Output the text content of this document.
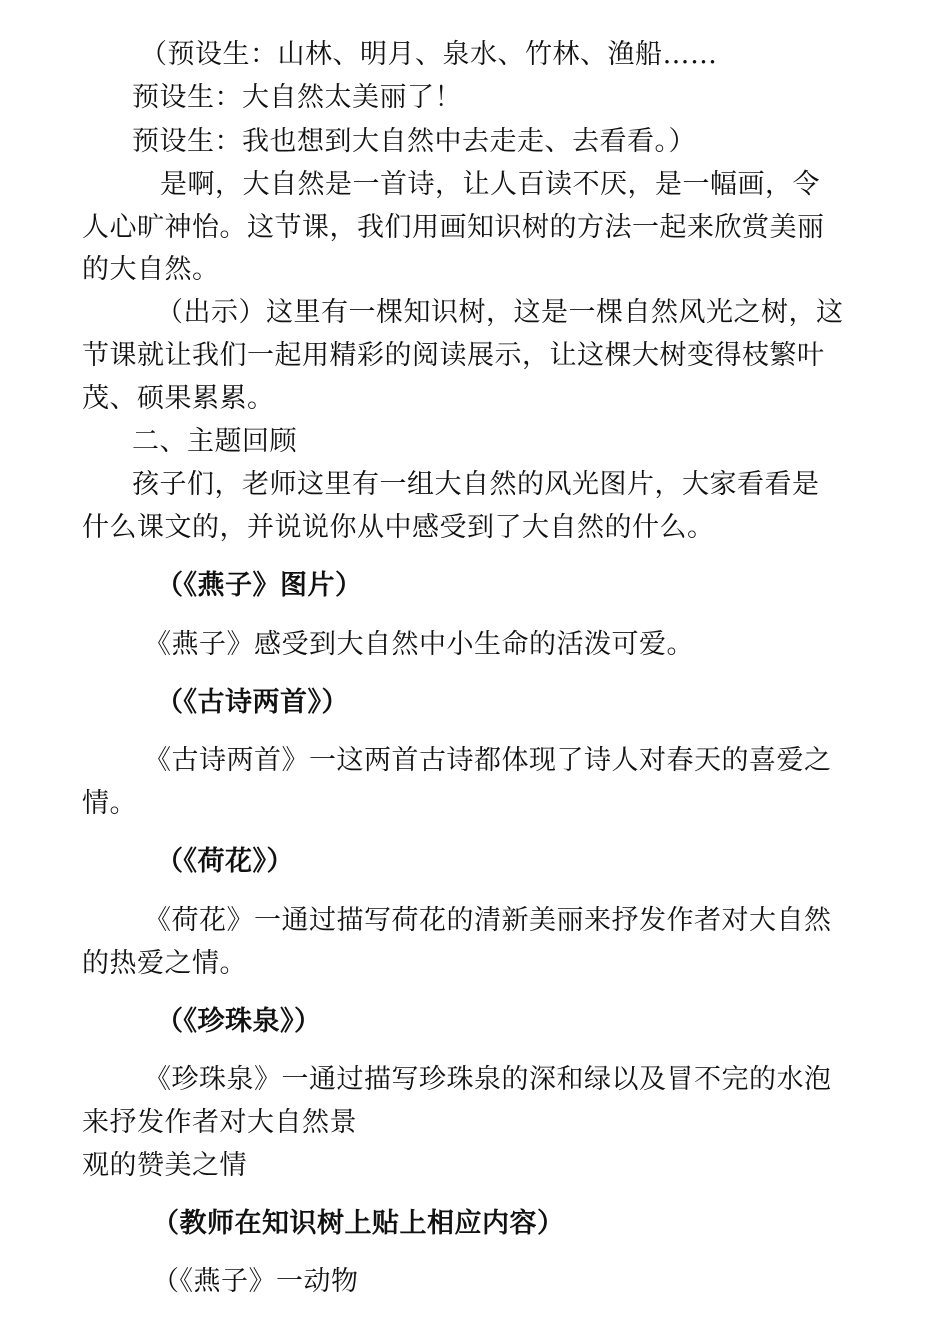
（预设生：山林、明月、泉水、竹林、渔船……
预设生：大自然太美丽了！
预设生：我也想到大自然中去走走、去看看。）
是啊，大自然是一首诗，让人百读不厌，是一幅画，令
人心旷神怡。这节课，我们用画知识树的方法一起来欣赏美丽
的大自然。
（出示）这里有一棵知识树，这是一棵自然风光之树，这
节课就让我们一起用精彩的阅读展示，让这棵大树变得枝繁叶
茂、硕果累累。
二、主题回顾
孩子们，老师这里有一组大自然的风光图片，大家看看是
什么课文的，并说说你从中感受到了大自然的什么。
（《燕子》图片）
《燕子》感受到大自然中小生命的活泼可爱。
（《古诗两首》）
《古诗两首》一这两首古诗都体现了诗人对春天的喜爱之
情。
（《荷花》）
《荷花》一通过描写荷花的清新美丽来抒发作者对大自然
的热爱之情。
（《珍珠泉》）
《珍珠泉》一通过描写珍珠泉的深和绿以及冒不完的水泡
来抒发作者对大自然景
观的赞美之情
（教师在知识树上贴上相应内容）
（《燕子》一动物
